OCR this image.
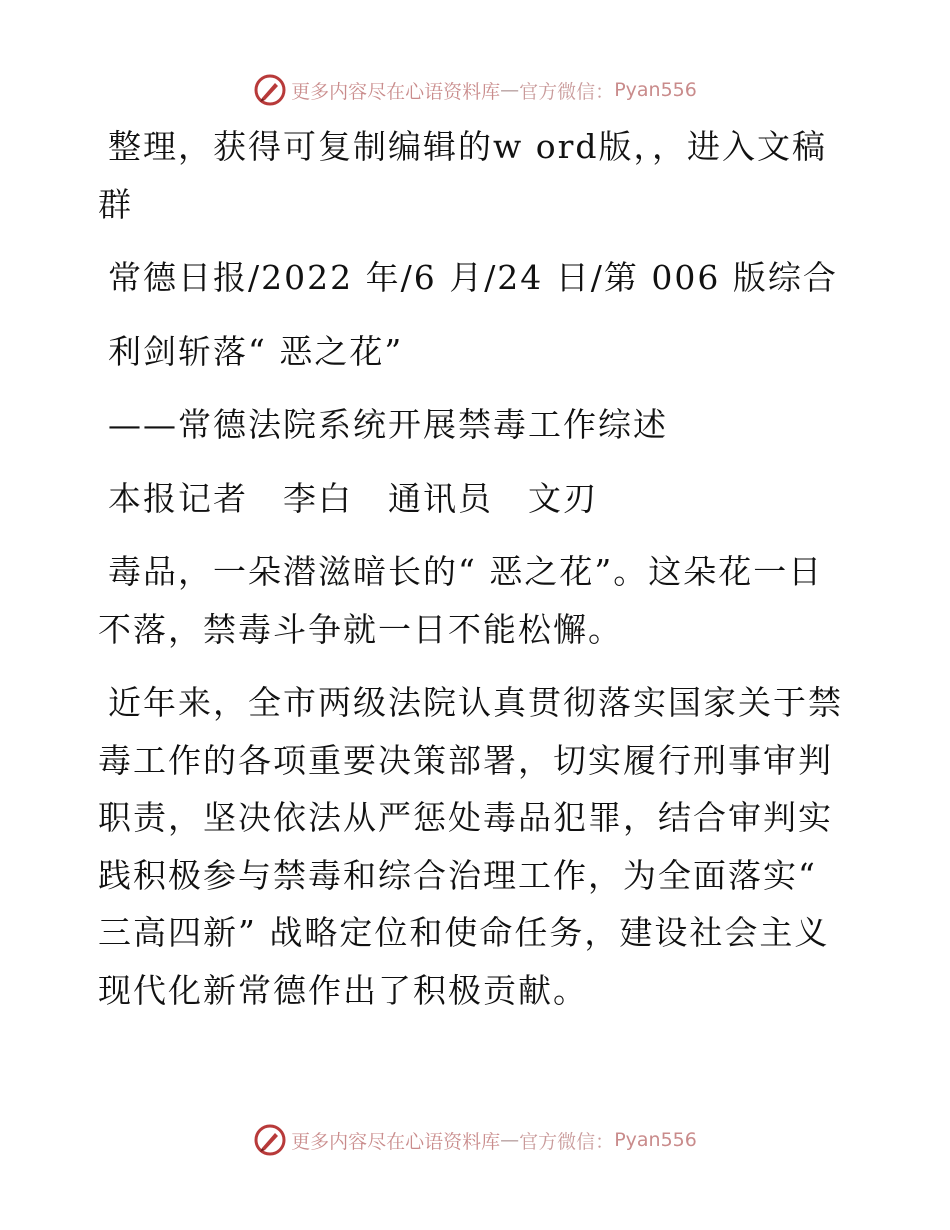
更多内容尽在心语资料库 — 官方微信： Pyan556

整理，获得可复制编辑的w ord版，，进入文稿群

常德日报/2022 年/6 月/24 日/第 006 版综合

利剑斩落“ 恶之花”

——常德法院系统开展禁毒工作综述

本报记者　李白　通讯员　文刃

毒品，一朵潜滋暗长的“ 恶之花”。这朵花一日不落，禁毒斗争就一日不能松懈。

近年来，全市两级法院认真贯彻落实国家关于禁毒工作的各项重要决策部署，切实履行刑事审判职责，坚决依法从严惩处毒品犯罪，结合审判实践积极参与禁毒和综合治理工作，为全面落实“ 三高四新” 战略定位和使命任务，建设社会主义现代化新常德作出了积极贡献。

更多内容尽在心语资料库 — 官方微信： Pyan556
